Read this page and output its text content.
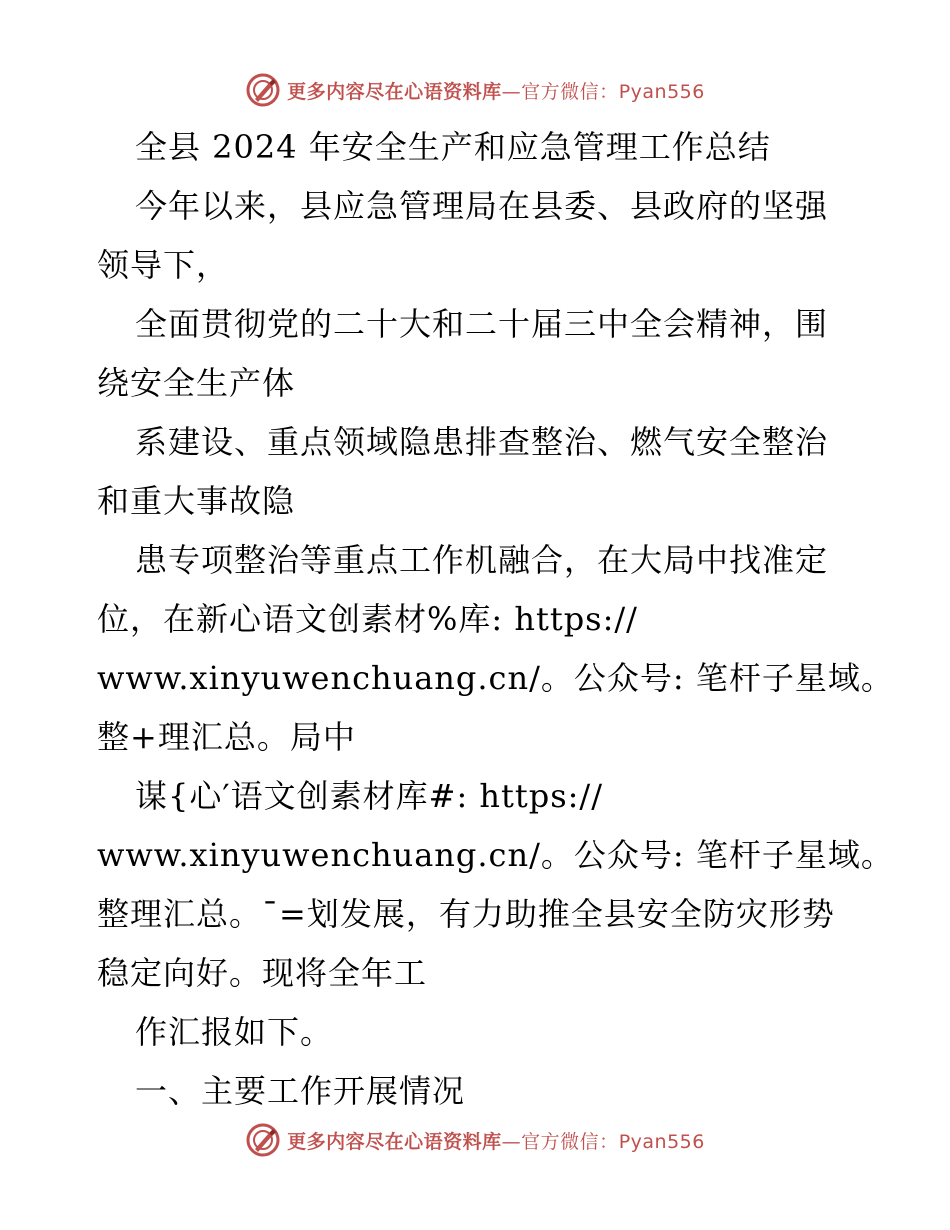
更多内容尽在心语资料库—官方微信：Pyan556
全县 2024 年安全生产和应急管理工作总结
今年以来，县应急管理局在县委、县政府的坚强
领导下，
全面贯彻党的二十大和二十届三中全会精神，围
绕安全生产体
系建设、重点领域隐患排查整治、燃气安全整治
和重大事故隐
患专项整治等重点工作机融合，在大局中找准定
位，在新心语文创素材%库: https://
www.xinyuwenchuang.cn/。公众号: 笔杆子星域。
整+理汇总。局中
谋{心′语文创素材库#: https://
www.xinyuwenchuang.cn/。公众号: 笔杆子星域。
整理汇总。¯=划发展，有力助推全县安全防灾形势
稳定向好。现将全年工
作汇报如下。
一、主要工作开展情况
更多内容尽在心语资料库—官方微信：Pyan556
